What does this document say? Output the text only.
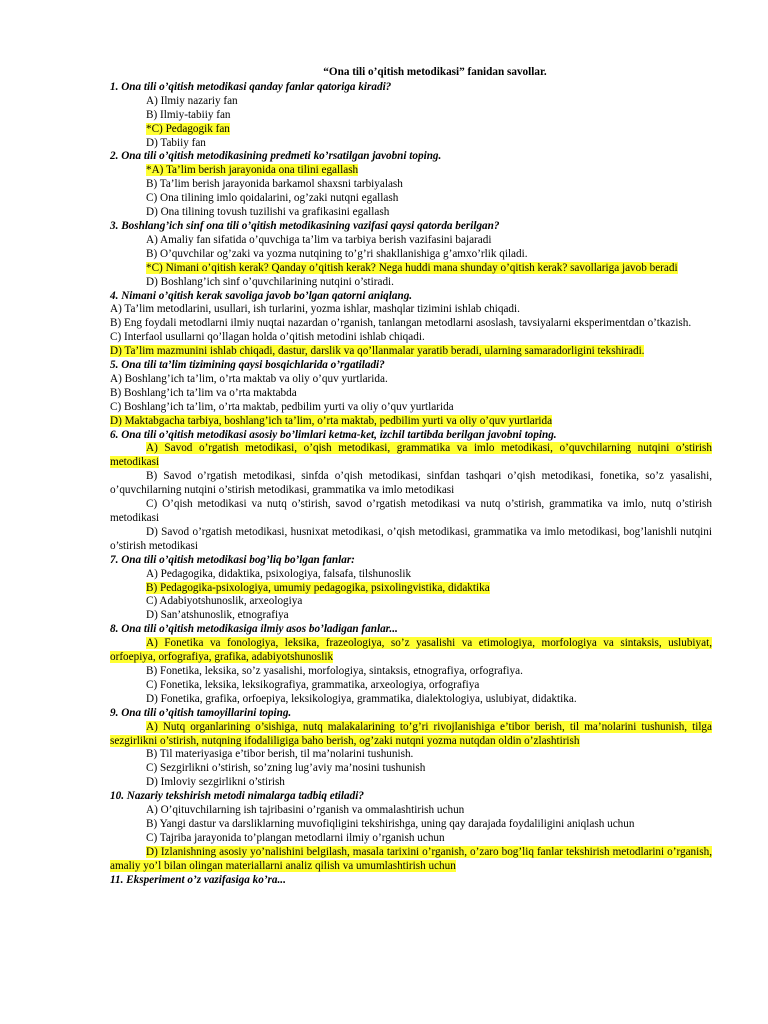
“Ona tili o’qitish metodikasi” fanidan savollar.
1. Ona tili o’qitish metodikasi qanday fanlar qatoriga kiradi?
A) Ilmiy nazariy fan
B) Ilmiy-tabiiy fan
*C) Pedagogik fan
D) Tabiiy fan
2. Ona tili o’qitish metodikasining predmeti ko’rsatilgan javobni toping.
*A) Ta’lim berish jarayonida ona tilini egallash
B) Ta’lim berish jarayonida barkamol shaxsni tarbiyalash
C) Ona tilining imlo qoidalarini, og’zaki nutqni egallash
D) Ona tilining tovush tuzilishi va grafikasini egallash
3. Boshlang’ich sinf ona tili o’qitish metodikasining vazifasi qaysi qatorda berilgan?
A) Amaliy fan sifatida o’quvchiga ta’lim va tarbiya berish vazifasini bajaradi
B) O’quvchilar og’zaki va yozma nutqining to’g’ri shakllanishiga g’amxo’rlik qiladi.
*C) Nimani o’qitish kerak? Qanday o’qitish kerak? Nega huddi mana shunday o’qitish kerak? savollariga javob beradi
D) Boshlang’ich sinf o’quvchilarining nutqini o’stiradi.
4. Nimani o’qitish kerak savoliga javob bo’lgan qatorni aniqlang.
A) Ta’lim metodlarini, usullari, ish turlarini, yozma ishlar, mashqlar tizimini ishlab chiqadi.
B) Eng foydali metodlarni ilmiy nuqtai nazardan o’rganish, tanlangan metodlarni asoslash, tavsiyalarni eksperimentdan o’tkazish.
C) Interfaol usullarni qo’llagan holda o’qitish metodini ishlab chiqadi.
D) Ta’lim mazmunini ishlab chiqadi, dastur, darslik va qo’llanmalar yaratib beradi, ularning samaradorligini tekshiradi.
5. Ona tili ta’lim tizimining qaysi bosqichlarida o’rgatiladi?
A) Boshlang’ich ta’lim, o’rta maktab va oliy o’quv yurtlarida.
B) Boshlang’ich ta’lim va o’rta maktabda
C) Boshlang’ich ta’lim, o’rta maktab, pedbilim yurti va oliy o’quv yurtlarida
D) Maktabgacha tarbiya, boshlang’ich ta’lim, o’rta maktab, pedbilim yurti va oliy o’quv yurtlarida
6. Ona tili o’qitish metodikasi asosiy bo’limlari ketma-ket, izchil tartibda berilgan javobni toping.
A) Savod o’rgatish metodikasi, o’qish metodikasi, grammatika va imlo metodikasi, o’quvchilarning nutqini o’stirish metodikasi
B) Savod o’rgatish metodikasi, sinfda o’qish metodikasi, sinfdan tashqari o’qish metodikasi, fonetika, so’z yasalishi, o’quvchilarning nutqini o’stirish metodikasi, grammatika va imlo metodikasi
C) O’qish metodikasi va nutq o’stirish, savod o’rgatish metodikasi va nutq o’stirish, grammatika va imlo, nutq o’stirish metodikasi
D) Savod o’rgatish metodikasi, husnixat metodikasi, o’qish metodikasi, grammatika va imlo metodikasi, bog’lanishli nutqini o’stirish metodikasi
7. Ona tili o’qitish metodikasi bog’liq bo’lgan fanlar:
A) Pedagogika, didaktika, psixologiya, falsafa, tilshunoslik
B) Pedagogika-psixologiya, umumiy pedagogika, psixolingvistika, didaktika
C) Adabiyotshunoslik, arxeologiya
D) San’atshunoslik, etnografiya
8. Ona tili o’qitish metodikasiga ilmiy asos bo’ladigan fanlar...
A) Fonetika va fonologiya, leksika, frazeologiya, so’z yasalishi va etimologiya, morfologiya va sintaksis, uslubiyat, orfoepiya, orfografiya, grafika, adabiyotshunoslik
B) Fonetika, leksika, so’z yasalishi, morfologiya, sintaksis, etnografiya, orfografiya.
C) Fonetika, leksika, leksikografiya, grammatika, arxeologiya, orfografiya
D) Fonetika, grafika, orfoepiya, leksikologiya, grammatika, dialektologiya, uslubiyat, didaktika.
9. Ona tili o’qitish tamoyillarini toping.
A) Nutq organlarining o’sishiga, nutq malakalarining to’g’ri rivojlanishiga e’tibor berish, til ma’nolarini tushunish, tilga sezgirlikni o’stirish, nutqning ifodaliligiga baho berish, og’zaki nutqni yozma nutqdan oldin o’zlashtirish
B) Til materiyasiga e’tibor berish, til ma’nolarini tushunish.
C) Sezgirlikni o’stirish, so’zning lug’aviy ma’nosini tushunish
D) Imloviy sezgirlikni o’stirish
10. Nazariy tekshirish metodi nimalarga tadbiq etiladi?
A) O’qituvchilarning ish tajribasini o’rganish va ommalashtirish uchun
B) Yangi dastur va darsliklarning muvofiqligini tekshirishga, uning qay darajada foydaliligini aniqlash uchun
C) Tajriba jarayonida to’plangan metodlarni ilmiy o’rganish uchun
D) Izlanishning asosiy yo’nalishini belgilash, masala tarixini o’rganish, o’zaro bog’liq fanlar tekshirish metodlarini o’rganish, amaliy yo’l bilan olingan materiallarni analiz qilish va umumlashtirish uchun
11. Eksperiment o’z vazifasiga ko’ra...
